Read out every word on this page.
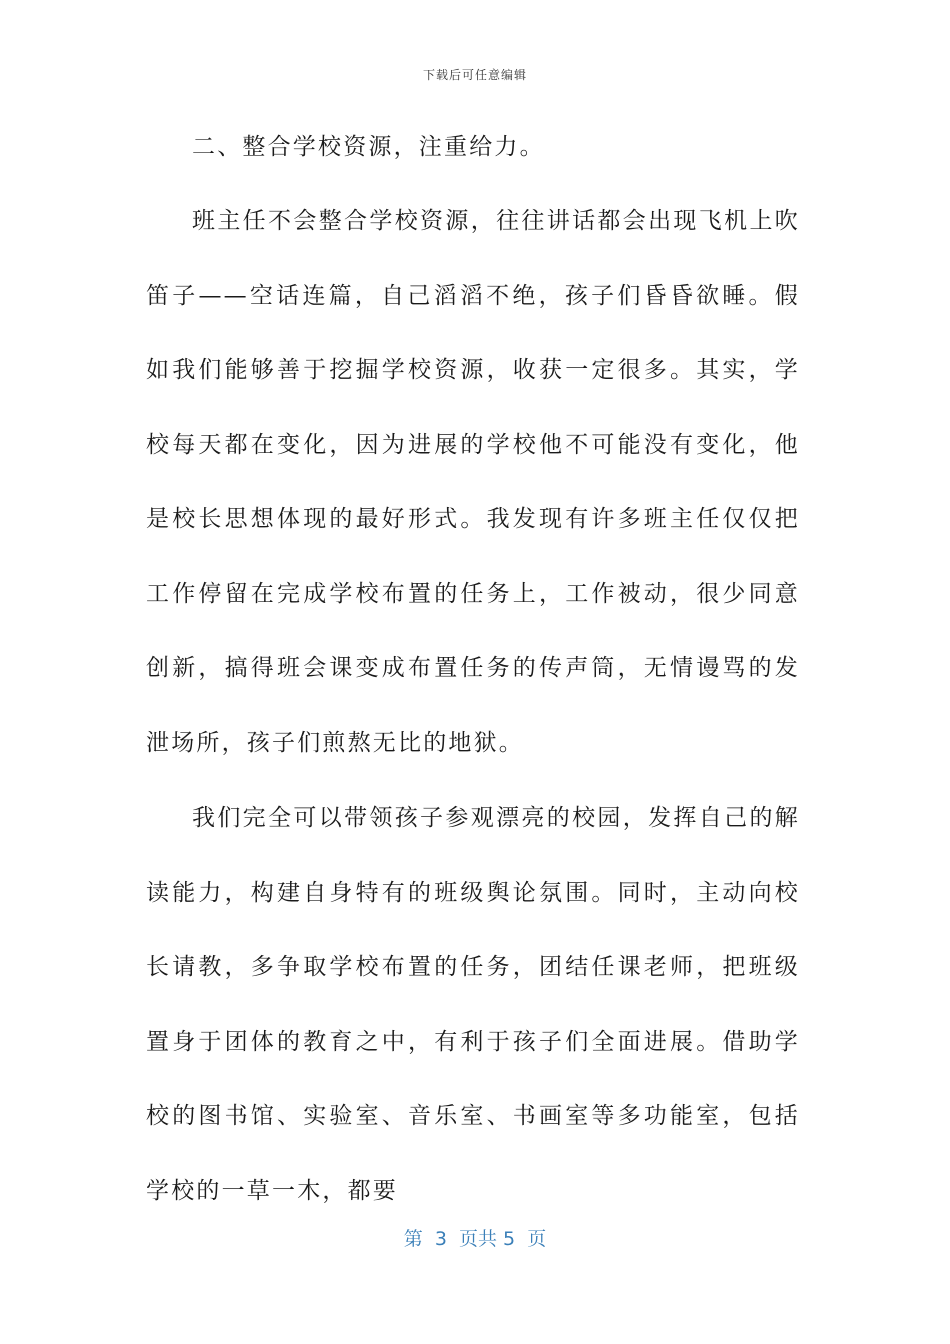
下载后可任意编辑

二、整合学校资源，注重给力。

班主任不会整合学校资源，往往讲话都会出现飞机上吹笛子——空话连篇，自己滔滔不绝，孩子们昏昏欲睡。假如我们能够善于挖掘学校资源，收获一定很多。其实，学校每天都在变化，因为进展的学校他不可能没有变化，他是校长思想体现的最好形式。我发现有许多班主任仅仅把工作停留在完成学校布置的任务上，工作被动，很少同意创新，搞得班会课变成布置任务的传声筒，无情谩骂的发泄场所，孩子们煎熬无比的地狱。

我们完全可以带领孩子参观漂亮的校园，发挥自己的解读能力，构建自身特有的班级舆论氛围。同时，主动向校长请教，多争取学校布置的任务，团结任课老师，把班级置身于团体的教育之中，有利于孩子们全面进展。借助学校的图书馆、实验室、音乐室、书画室等多功能室，包括学校的一草一木，都要

第  3  页共 5  页
